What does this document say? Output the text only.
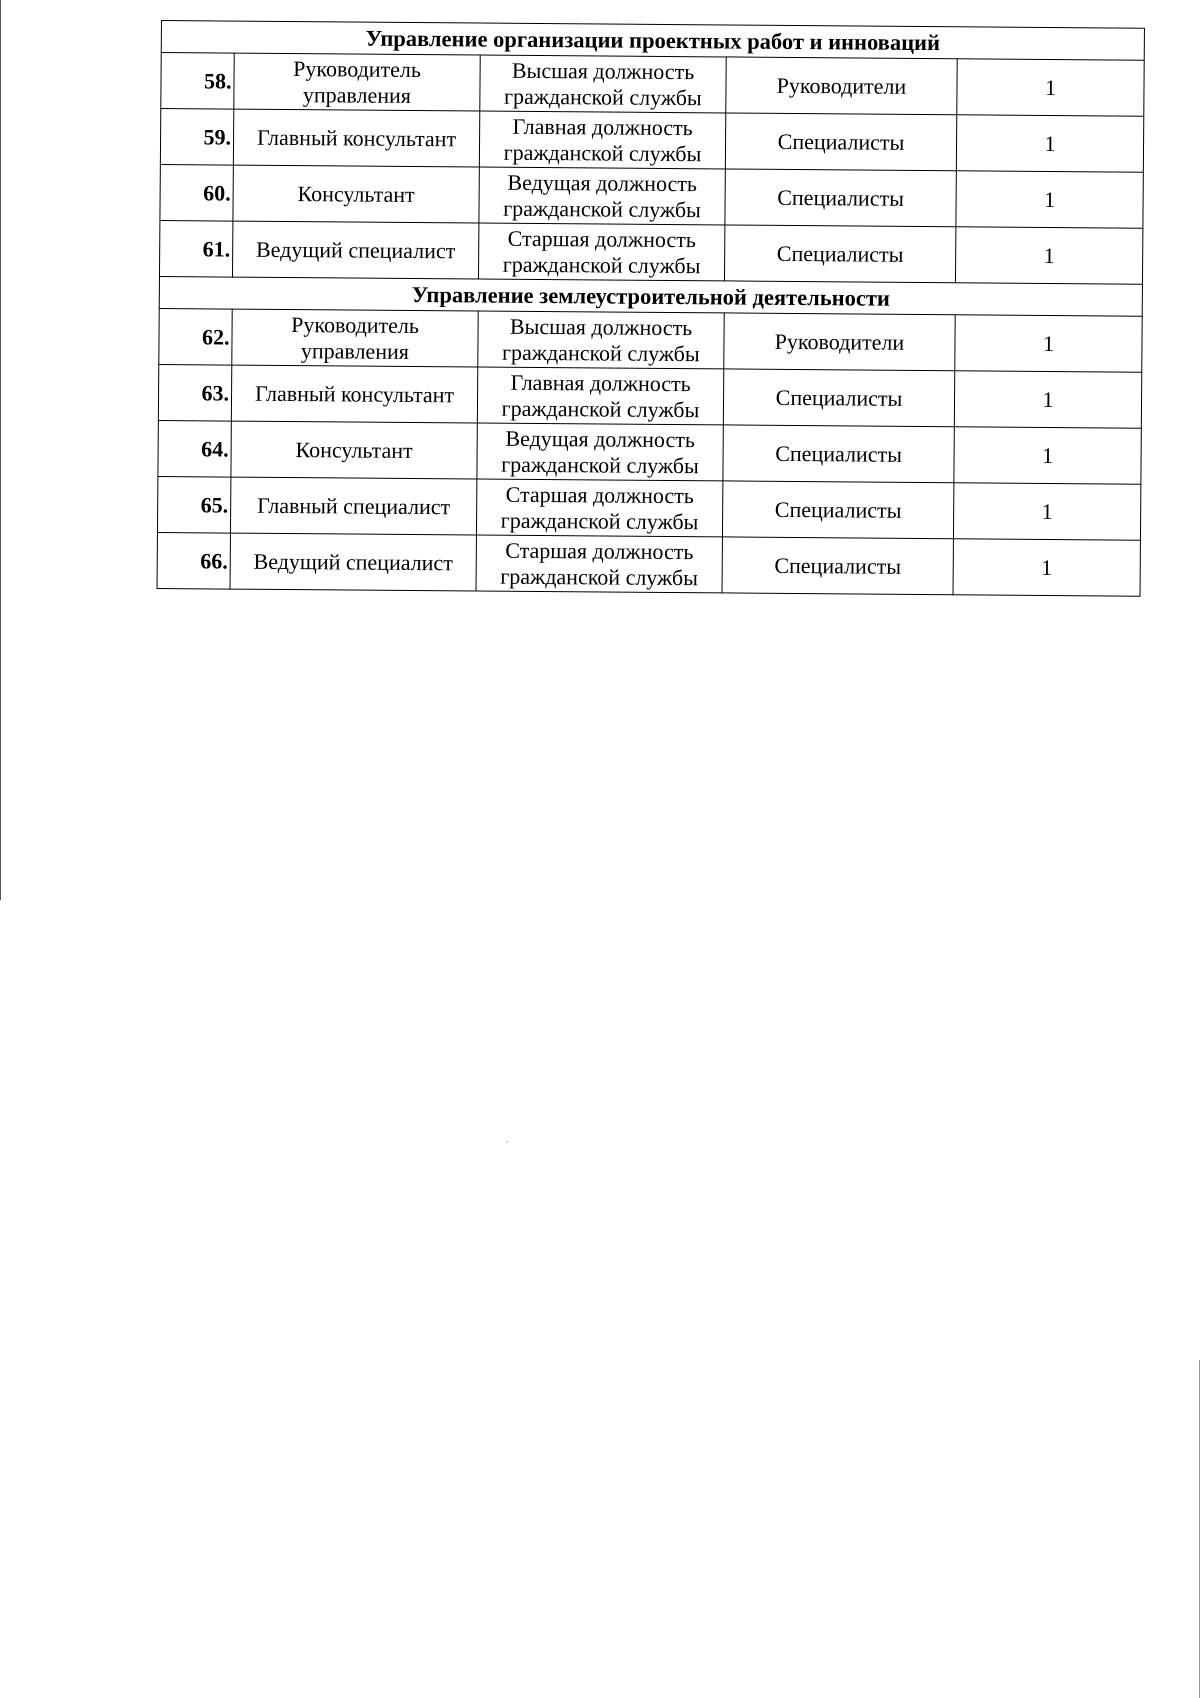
Управление организации проектных работ и инноваций				
58.	Руководитель управления	Высшая должность гражданской службы	Руководители	1
59.	Главный консультант	Главная должность гражданской службы	Специалисты	1
60.	Консультант	Ведущая должность гражданской службы	Специалисты	1
61.	Ведущий специалист	Старшая должность гражданской службы	Специалисты	1
Управление землеустроительной деятельности				
62.	Руководитель управления	Высшая должность гражданской службы	Руководители	1
63.	Главный консультант	Главная должность гражданской службы	Специалисты	1
64.	Консультант	Ведущая должность гражданской службы	Специалисты	1
65.	Главный специалист	Старшая должность гражданской службы	Специалисты	1
66.	Ведущий специалист	Старшая должность гражданской службы	Специалисты	1
